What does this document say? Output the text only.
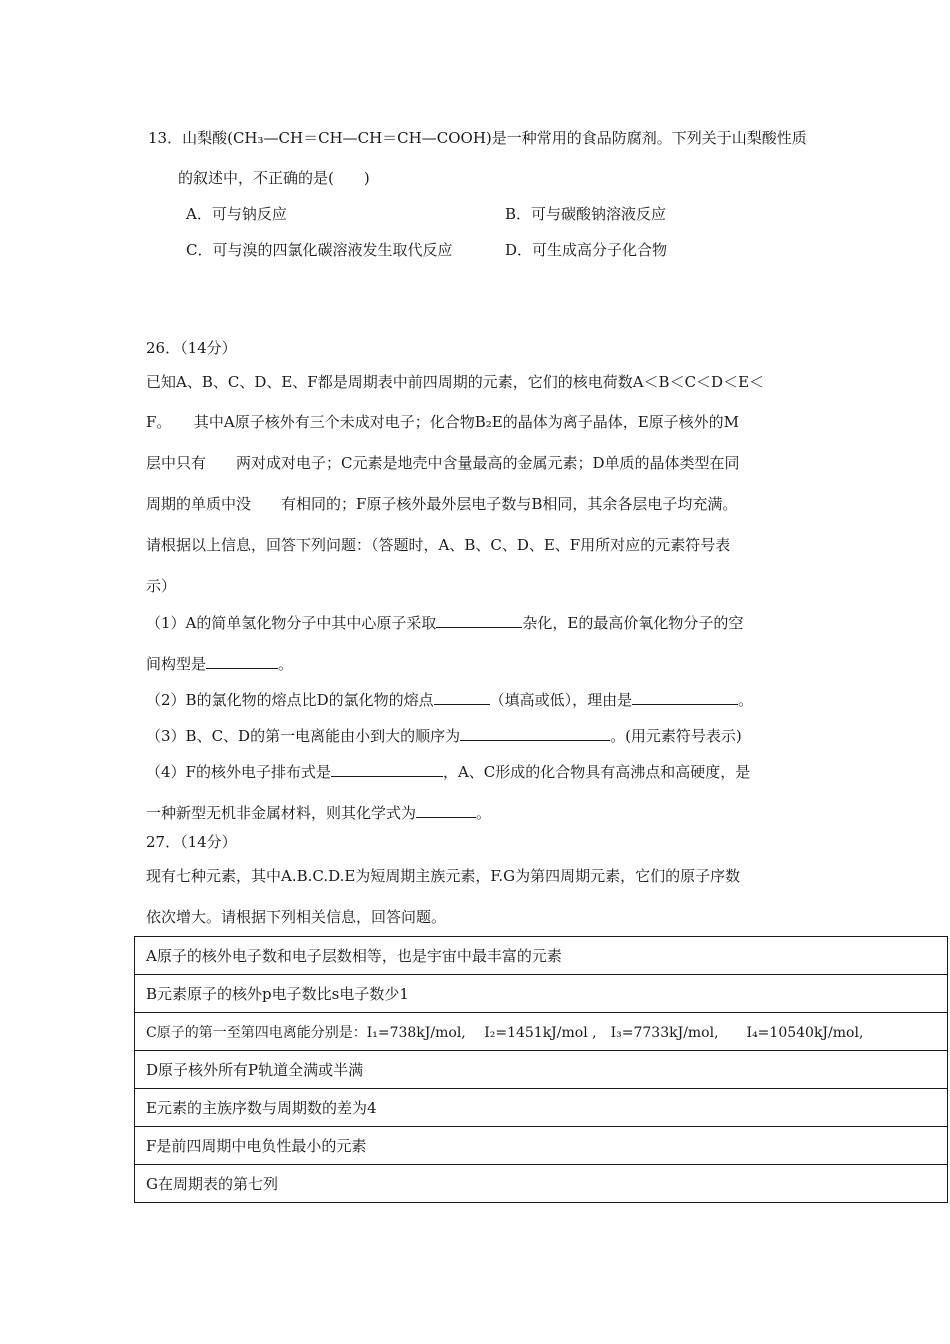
13．山梨酸(CH₃—CH＝CH—CH＝CH—COOH)是一种常用的食品防腐剂。下列关于山梨酸性质
的叙述中，不正确的是(　　)
A．可与钠反应	B．可与碳酸钠溶液反应
C．可与溴的四氯化碳溶液发生取代反应	D．可生成高分子化合物
26．（14分）
已知A、B、C、D、E、F都是周期表中前四周期的元素，它们的核电荷数A＜B＜C＜D＜E＜
F。　　其中A原子核外有三个未成对电子；化合物B₂E的晶体为离子晶体，E原子核外的M
层中只有　　两对成对电子；C元素是地壳中含量最高的金属元素；D单质的晶体类型在同
周期的单质中没　　有相同的；F原子核外最外层电子数与B相同，其余各层电子均充满。
请根据以上信息，回答下列问题：（答题时，A、B、C、D、E、F用所对应的元素符号表
示）
（1）A的简单氢化物分子中其中心原子采取	杂化，E的最高价氧化物分子的空
间构型是	。
（2）B的氯化物的熔点比D的氯化物的熔点	（填高或低），理由是	。
（3）B、C、D的第一电离能由小到大的顺序为	。(用元素符号表示)
（4）F的核外电子排布式是	，A、C形成的化合物具有高沸点和高硬度，是
一种新型无机非金属材料，则其化学式为	。
27．（14分）
现有七种元素，其中A.B.C.D.E为短周期主族元素，F.G为第四周期元素，它们的原子序数
依次增大。请根据下列相关信息，回答问题。
A原子的核外电子数和电子层数相等，也是宇宙中最丰富的元素
B元素原子的核外p电子数比s电子数少1
C原子的第一至第四电离能分别是：I₁=738kJ/mol,　 I₂=1451kJ/mol ,　I₃=7733kJ/mol,　　I₄=10540kJ/mol,
D原子核外所有P轨道全满或半满
E元素的主族序数与周期数的差为4
F是前四周期中电负性最小的元素
G在周期表的第七列
